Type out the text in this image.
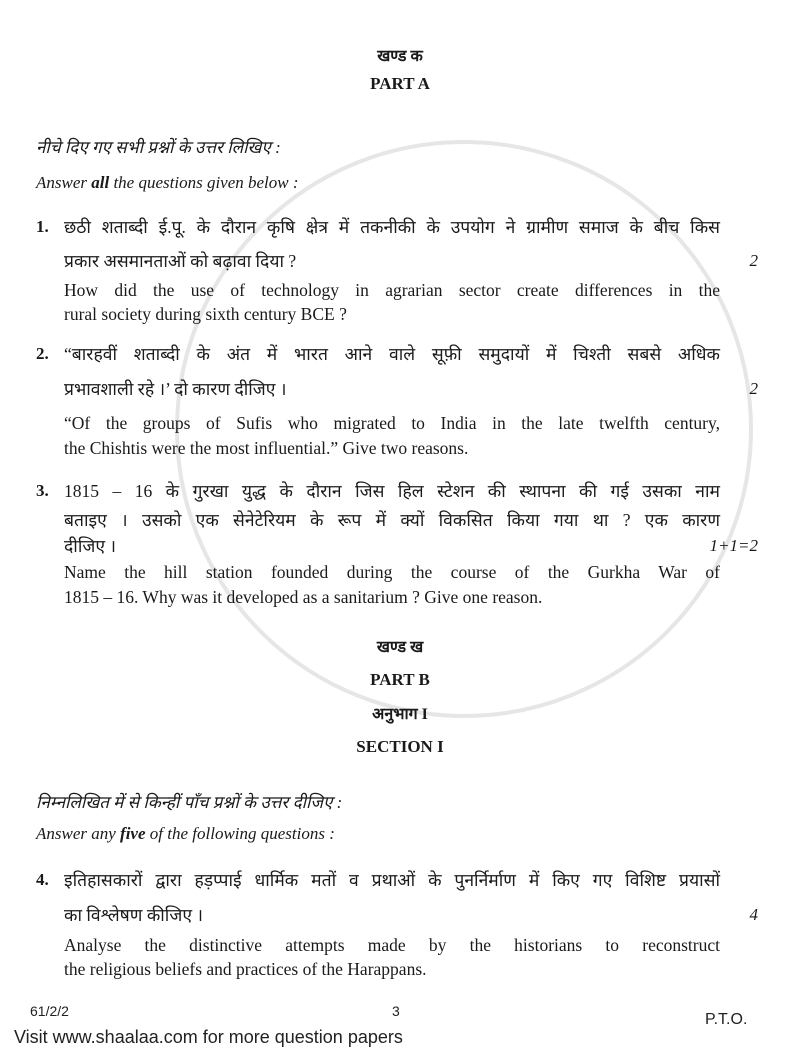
खण्ड क
PART A
नीचे दिए गए सभी प्रश्नों के उत्तर लिखिए :
Answer all the questions given below :
1. छठी शताब्दी ई.पू. के दौरान कृषि क्षेत्र में तकनीकी के उपयोग ने ग्रामीण समाज के बीच किस
प्रकार असमानताओं को बढ़ावा दिया ?
How did the use of technology in agrarian sector create differences in the
rural society during sixth century BCE ?
2
2. “बारहवीं शताब्दी के अंत में भारत आने वाले सूफ़ी समुदायों में चिश्ती सबसे अधिक
प्रभावशाली रहे ।’ दो कारण दीजिए ।
“Of the groups of Sufis who migrated to India in the late twelfth century,
the Chishtis were the most influential.” Give two reasons.
2
3. 1815 – 16 के गुरखा युद्ध के दौरान जिस हिल स्टेशन की स्थापना की गई उसका नाम
बताइए । उसको एक सेनेटेरियम के रूप में क्यों विकसित किया गया था ? एक कारण
दीजिए ।
Name the hill station founded during the course of the Gurkha War of
1815 – 16. Why was it developed as a sanitarium ? Give one reason.
1+1=2
4. इतिहासकारों द्वारा हड़प्पाई धार्मिक मतों व प्रथाओं के पुनर्निर्माण में किए गए विशिष्ट प्रयासों
का विश्लेषण कीजिए ।
Analyse the distinctive attempts made by the historians to reconstruct
the religious beliefs and practices of the Harappans.
4
खण्ड ख
PART B
अनुभाग I
SECTION I
निम्नलिखित में से किन्हीं पाँच प्रश्नों के उत्तर दीजिए :
Answer any five of the following questions :
61/2/2	3	P.T.O.
Visit www.shaalaa.com for more question papers
